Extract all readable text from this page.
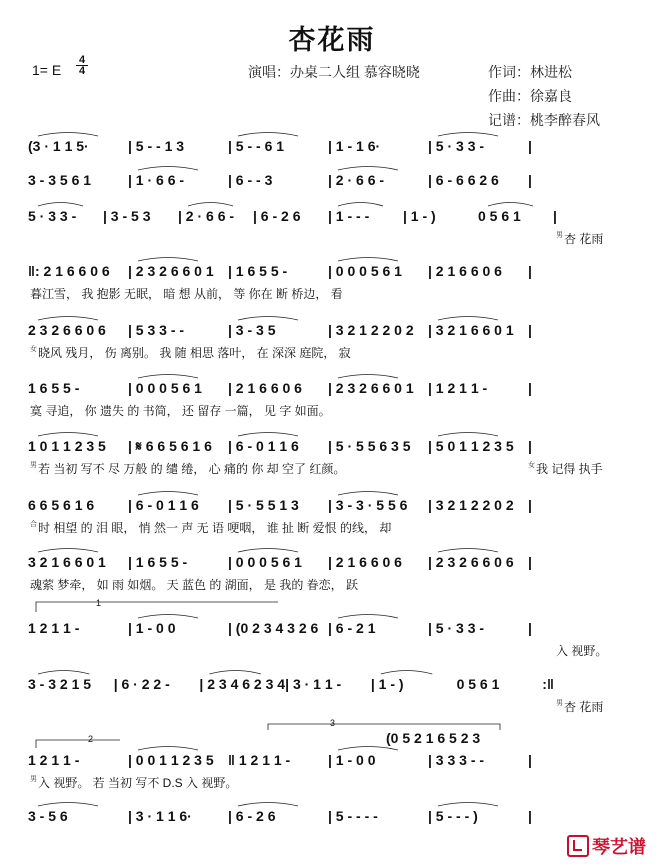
杏花雨
1= E
4
4	演唱：办桌二人组 慕容晓晓	作词：林进松
作曲：徐嘉良
记谱：桃李醉春风
(3 · 1 1 5·	| 5 - - 1 3	| 5 - - 6 1	| 1 - 1 6·	| 5 · 3 3 -	|
3 - 3 5 6 1	| 1 · 6 6 -	| 6 - - 3	| 2 · 6 6 -	| 6 - 6 6 2 6 |
5 · 3 3 - | 3 - 5 3 | 2 · 6 6 - | 6 - 2 6 | 1 - - - | 1 - )	0 5 6 1 |
$^男$杏 花雨
‖: 2 1 6 6 0 6 | 2 3 2 6 6 0 1 | 1 6 5 5 -	| 0 0 0 5 6 1 | 2 1 6 6 0 6 |
暮江雪， 我 抱影 无眠， 暗 想 从前， 等 你在 断 桥边， 看
2 3 2 6 6 0 6 | 5 3 3 - -	| 3 - 3 5	| 3 2 1 2 2 0 2 | 3 2 1 6 6 0 1 |
$^女$晓风 残月， 伤 离别。 我 随 相思 落叶， 在 深深 庭院， 寂
1 6 5 5 -	| 0 0 0 5 6 1 | 2 1 6 6 0 6 | 2 3 2 6 6 0 1 | 1 2 1 1 -	|
寞 寻追， 你 遗失 的 书简， 还 留存 一篇， 见 字 如面。
1 0 1 1 2 3 5 | 𝄋 6 6 5 6 1 6 | 6 - 0 1 1 6 | 5 · 5 5 6 3 5 | 5 0 1 1 2 3 5 |
$^男$若 当初 写不 尽 万般 的 缱 绻， 心 痛的 你 却 空了 红颜。	$^女$我 记得 执手
6 6 5 6 1 6 | 6 - 0 1 1 6 | 5 · 5 5 1 3 | 3 - 3 · 5 5 6 | 3 2 1 2 2 0 2 |
$^合$时 相望 的 泪 眼， 悄 然一 声 无 语 哽咽， 谁 扯 断 爱恨 的线， 却
3 2 1 6 6 0 1 | 1 6 5 5 -	| 0 0 0 5 6 1 | 2 1 6 6 0 6 | 2 3 2 6 6 0 6 |
魂萦 梦牵， 如 雨 如烟。 天 蓝色 的 湖面， 是 我的 眷恋， 跃
1 2 1 1 -	| 1 - 0 0	| (0 2 3 4 3 2 6 | 6 - 2 1	| 5 · 3 3 -	|
入 视野。
3 - 3 2 1 5 | 6 · 2 2 - | 2 3 4 6 2 3 4 | 3 · 1 1 - | 1 - )	0 5 6 1	:‖
$^男$杏 花雨
1 2 1 1 -	| 0 0 1 1 2 3 5 ‖ 1 2 1 1 -	| 1 - 0 0	| 3 3 3 - -	|
$^男$入 视野。 若 当初 写不 D.S 入 视野。
3 - 5 6	| 3 · 1 1 6·	| 6 - 2 6	| 5 - - - -	| 5 - - - )	|
1
2
3
(0 5 2 1 6 5 2 3
琴艺谱
